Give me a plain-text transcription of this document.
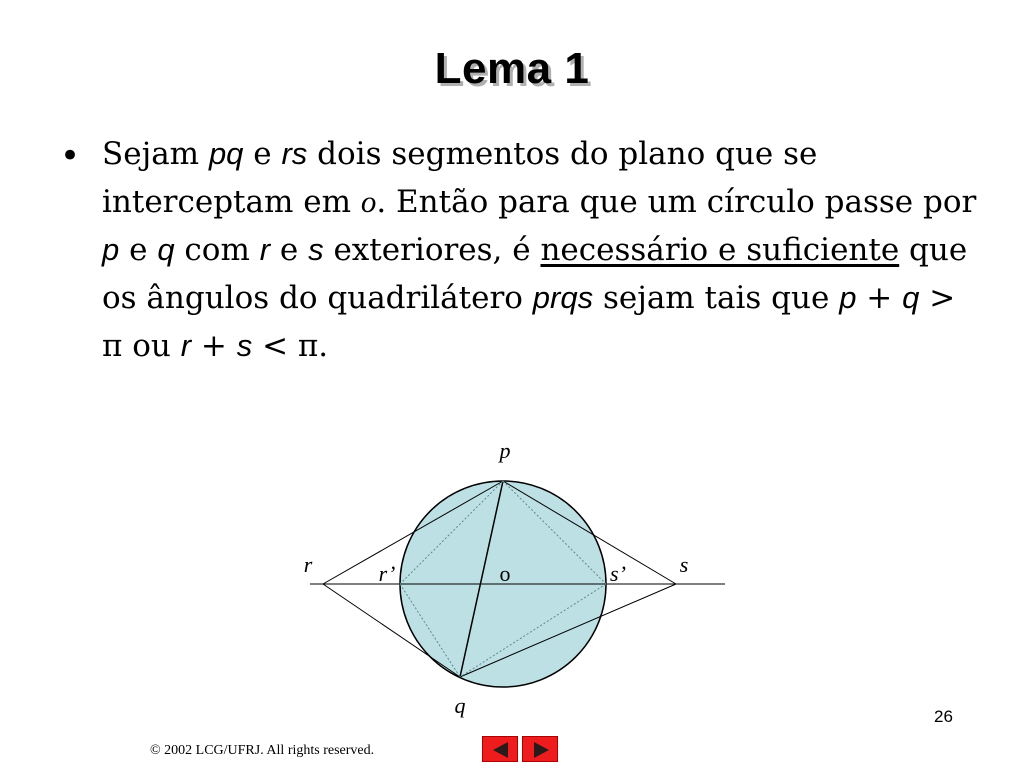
Lema 1
• Sejam pq e rs dois segmentos do plano que se interceptam em o. Então para que um círculo passe por p e q com r e s exteriores, é necessário e suficiente que os ângulos do quadrilátero prqs sejam tais que p + q > π ou r + s < π.
p
q
r	s
o
r’	s’
26
© 2002 LCG/UFRJ. All rights reserved.
